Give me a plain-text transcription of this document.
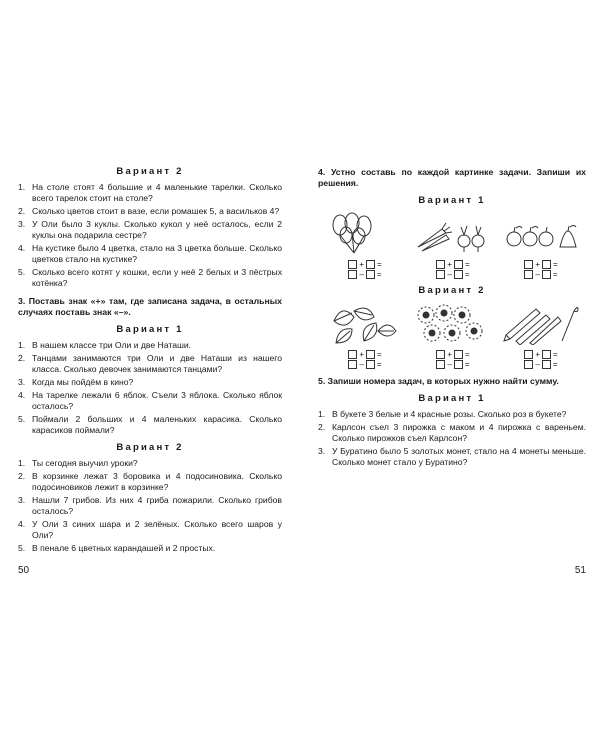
Вариант 2
1. На столе стоят 4 большие и 4 маленькие тарелки. Сколько всего тарелок стоит на столе?
2. Сколько цветов стоит в вазе, если ромашек 5, а васильков 4?
3. У Оли было 3 куклы. Сколько кукол у неё осталось, если 2 куклы она подарила сестре?
4. На кустике было 4 цветка, стало на 3 цветка больше. Сколько цветков стало на кустике?
5. Сколько всего котят у кошки, если у неё 2 белых и 3 пёстрых котёнка?
3. Поставь знак «+» там, где записана задача, в остальных случаях поставь знак «–».
Вариант 1
1. В нашем классе три Оли и две Наташи.
2. Танцами занимаются три Оли и две Наташи из нашего класса. Сколько девочек занимаются танцами?
3. Когда мы пойдём в кино?
4. На тарелке лежали 6 яблок. Съели 3 яблока. Сколько яблок осталось?
5. Поймали 2 больших и 4 маленьких карасика. Сколько карасиков поймали?
Вариант 2
1. Ты сегодня выучил уроки?
2. В корзинке лежат 3 боровика и 4 подосиновика. Сколько подосиновиков лежит в корзинке?
3. Нашли 7 грибов. Из них 4 гриба пожарили. Сколько грибов осталось?
4. У Оли 3 синих шара и 2 зелёных. Сколько всего шаров у Оли?
5. В пенале 6 цветных карандашей и 2 простых.
50
4. Устно составь по каждой картинке задачи. Запиши их решения.
Вариант 1
+ =
– =
+ =
– =
+ =
– =
Вариант 2
+ =
– =
+ =
– =
+ =
– =
5. Запиши номера задач, в которых нужно найти сумму.
Вариант 1
1. В букете 3 белые и 4 красные розы. Сколько роз в букете?
2. Карлсон съел 3 пирожка с маком и 4 пирожка с вареньем. Сколько пирожков съел Карлсон?
3. У Буратино было 5 золотых монет, стало на 4 монеты меньше. Сколько монет стало у Буратино?
51
